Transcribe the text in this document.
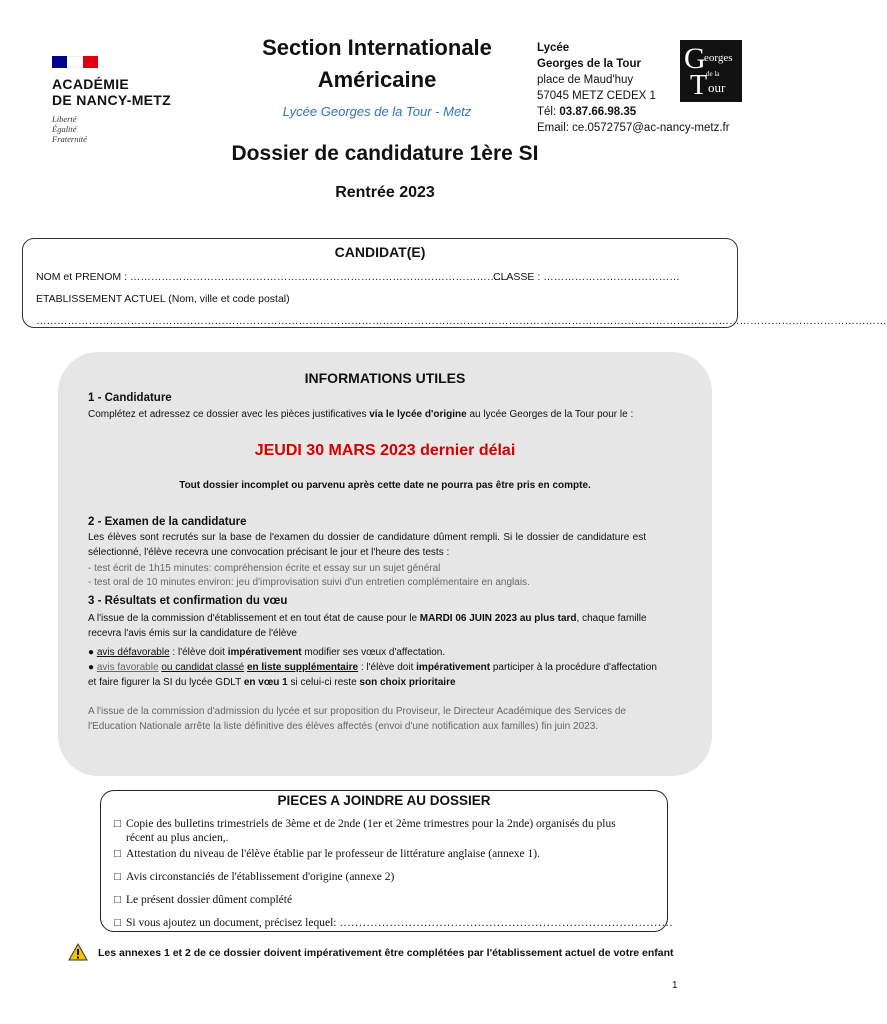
ACADÉMIE
DE NANCY-METZ
Liberté
Égalité
Fraternité
Section Internationale
Américaine
Lycée Georges de la Tour - Metz
Lycée
Georges de la Tour
place de Maud'huy
57045 METZ CEDEX 1
Tél: 03.87.66.98.35
Email: ce.0572757@ac-nancy-metz.fr
G
eorges
de la
T our
Dossier de candidature 1ère SI
Rentrée 2023
CANDIDAT(E)
NOM et PRENOM : ………………………………………………………………………………………………
CLASSE : …………………………………
ETABLISSEMENT ACTUEL (Nom, ville et code postal)
………………………………………………………………………………………………………………………………………………………………………………………………………………………
INFORMATIONS UTILES
1 - Candidature
Complétez et adressez ce dossier avec les pièces justificatives via le lycée d'origine au lycée Georges de la Tour pour le :
JEUDI 30 MARS 2023 dernier délai
Tout dossier incomplet ou parvenu après cette date ne pourra pas être pris en compte.
2 - Examen de la candidature
Les élèves sont recrutés sur la base de l'examen du dossier de candidature dûment rempli. Si le dossier de candidature est sélectionné, l'élève recevra une convocation précisant le jour et l'heure des tests :
- test écrit de 1h15 minutes: compréhension écrite et essay sur un sujet général
- test oral de 10 minutes environ: jeu d'improvisation suivi d'un entretien complémentaire en anglais.
3 - Résultats et confirmation du vœu
A l'issue de la commission d'établissement et en tout état de cause pour le MARDI 06 JUIN 2023 au plus tard, chaque famille recevra l'avis émis sur la candidature de l'élève
● avis défavorable : l'élève doit impérativement modifier ses vœux d'affectation.
● avis favorable ou candidat classé en liste supplémentaire : l'élève doit impérativement participer à la procédure d'affectation et faire figurer la SI du lycée GDLT en vœu 1 si celui-ci reste son choix prioritaire
A l'issue de la commission d'admission du lycée et sur proposition du Proviseur, le Directeur Académique des Services de l'Education Nationale arrête la liste définitive des élèves affectés (envoi d'une notification aux familles) fin juin 2023.
PIECES A JOINDRE AU DOSSIER
□ Copie des bulletins trimestriels de 3ème et de 2nde (1er et 2ème trimestres pour la 2nde) organisés du plus récent au plus ancien,.
□ Attestation du niveau de l'élève établie par le professeur de littérature anglaise (annexe 1).
□ Avis circonstanciés de l'établissement d'origine (annexe 2)
□ Le présent dossier dûment complété
□ Si vous ajoutez un document, précisez lequel: ……………………………………………………………………………
Les annexes 1 et 2 de ce dossier doivent impérativement être complétées par l'établissement actuel de votre enfant
1
